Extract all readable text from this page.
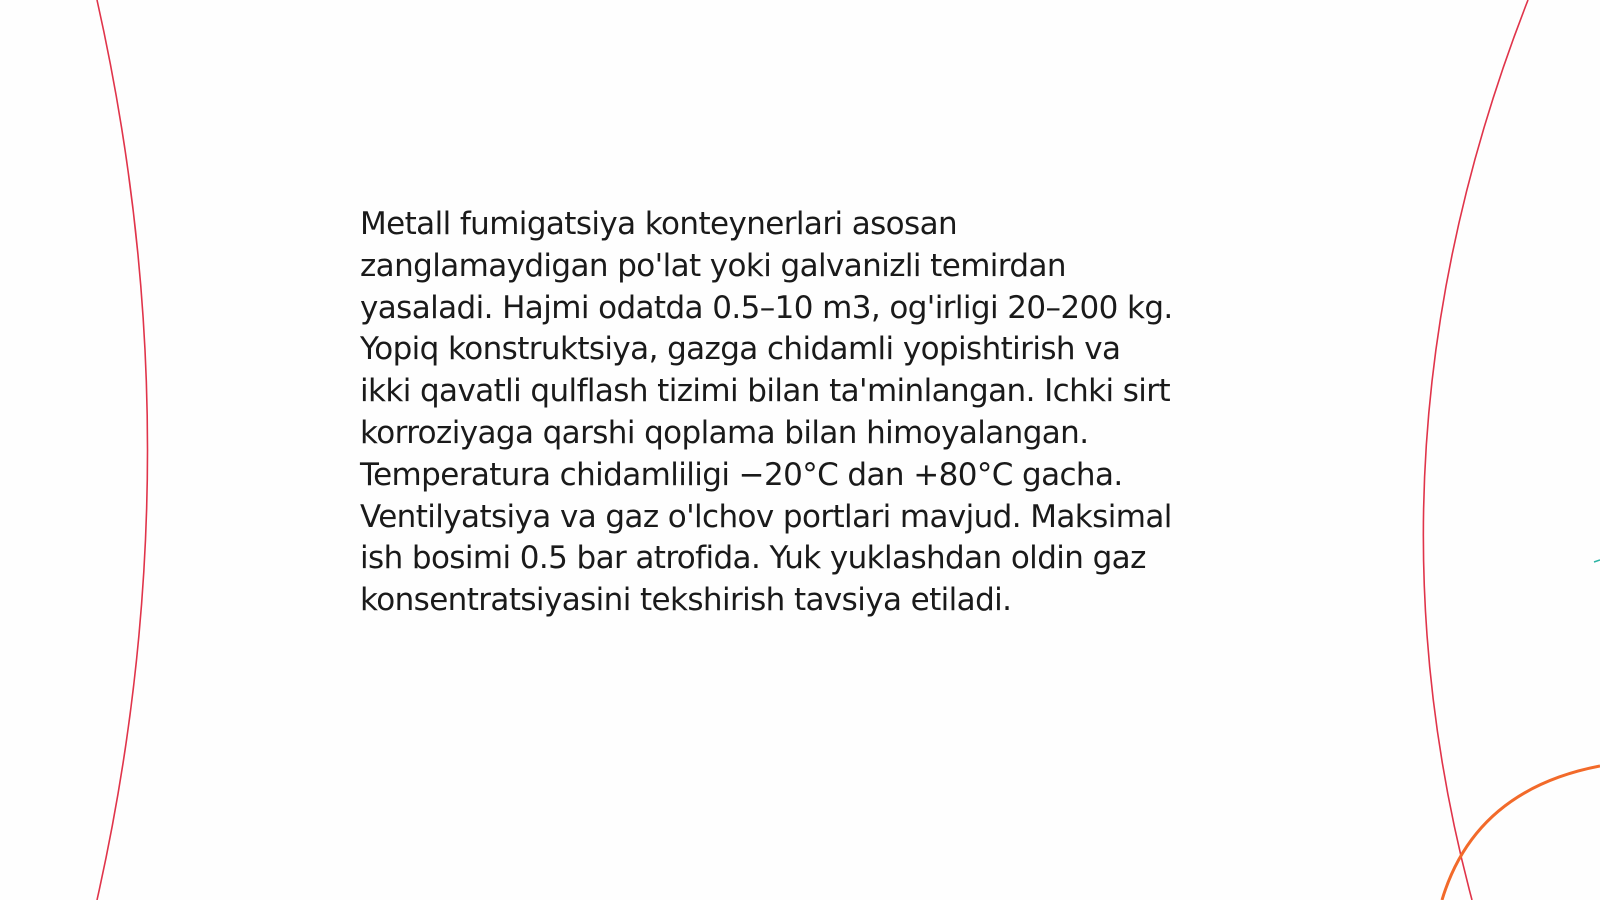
Metall fumigatsiya konteynerlari asosan
zanglamaydigan po'lat yoki galvanizli temirdan
yasaladi. Hajmi odatda 0.5–10 m3, og'irligi 20–200 kg.
Yopiq konstruktsiya, gazga chidamli yopishtirish va
ikki qavatli qulflash tizimi bilan ta'minlangan. Ichki sirt
korroziyaga qarshi qoplama bilan himoyalangan.
Temperatura chidamliligi −20°C dan +80°C gacha.
Ventilyatsiya va gaz o'lchov portlari mavjud. Maksimal
ish bosimi 0.5 bar atrofida. Yuk yuklashdan oldin gaz
konsentratsiyasini tekshirish tavsiya etiladi.
